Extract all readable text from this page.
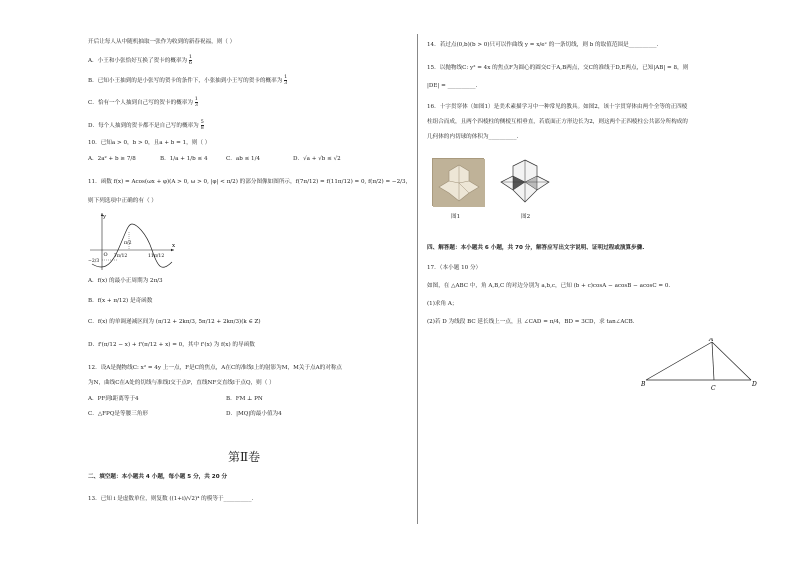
开后让每人从中随机抽取一张作为收到的新春祝福，则（ ）
A．小王和小张恰好互换了贺卡的概率为 $\frac{1}{6}$
B．已知小王抽到的是小张写的贺卡的条件下，小张抽到小王写的贺卡的概率为 $\frac{1}{3}$
C．恰有一个人抽到自己写的贺卡的概率为 $\frac{1}{3}$
D．每个人抽到的贺卡都不是自己写的概率为 $\frac{5}{8}$
10．已知a > 0，b > 0，且a + b = 1，则（ ）
A．2a² + b ≥ 7/8	B．1/a + 1/b ≤ 4	C．ab ≤ 1/4	D．√a + √b ≤ √2
11．函数 f(x) = Acos(ωx + φ)(A > 0, ω > 0, |φ| < π/2) 的部分图像如图所示，f(7π/12) = f(11π/12) = 0, f(π/2) = −2/3，
则下列选项中正确的有（ ）
y
x
O
π/2
7π/12	11π/12
−2/3
A．f(x) 的最小正周期为 2π/3
B．f(x + π/12) 是奇函数
C．f(x) 的单调递减区间为 (π/12 + 2kπ/3, 5π/12 + 2kπ/3)(k ∈ Z)
D．f'(π/12 − x) + f'(π/12 + x) = 0，其中 f'(x) 为 f(x) 的导函数
12．设A是抛物线C: x² = 4y 上一点，F是C的焦点，A在C的准线l上的射影为M，M关于点A的对称点
为N，曲线C在A处的切线与准线l交于点P，直线NF交直线l于点Q，则（ ）
A．PF到l距离等于4	B．FM ⊥ PN
C．△FPQ是等腰三角形	D．|MQ|的最小值为4
第Ⅱ卷
二、填空题：本小题共 4 小题，每小题 5 分，共 20 分
13．已知 i 是虚数单位，则复数 ((1+i)/√2)⁴ 的模等于__________.
14．若过点(0,b)(b > 0)只可以作曲线 y = x/eˣ 的一条切线，则 b 的取值范围是__________.
15．以抛物线C: y² = 4x 的焦点F为圆心的圆交C于A,B两点，交C的准线于D,E两点，已知|AB| = 8，则
|DE| = __________.
16．十字贯穿体（如图1）是美术素描学习中一种常见的教具。如图2，该十字贯穿体由两个全等的正四棱
柱组合而成，且两个四棱柱的侧棱互相垂直，若底面正方形边长为2，则这两个正四棱柱公共部分所构成的
几何体的内切球的体积为__________.
图1	图2
四、解答题：本小题共 6 小题，共 70 分，解答应写出文字说明、证明过程或演算步骤.
17．（本小题 10 分）
如图，在 △ABC 中，角 A,B,C 的对边分别为 a,b,c，已知 (b + c)cosA − acosB − acosC = 0.
(1)求角 A；
(2)若 D 为线段 BC 延长线上一点，且 ∠CAD = π/4，BD = 3CD，求 tan∠ACB.
A
B
C
D
